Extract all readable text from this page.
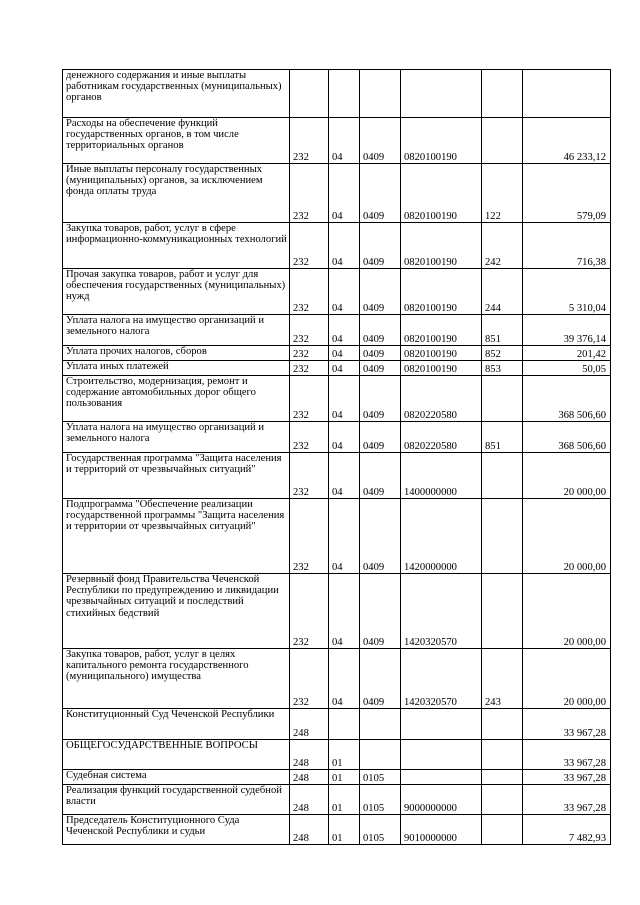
денежного содержания и иные выплаты работникам государственных (муниципальных) органов						
Расходы на обеспечение функций государственных органов, в том числе территориальных органов	232	04	0409	0820100190		46 233,12
Иные выплаты персоналу государственных (муниципальных) органов, за исключением фонда оплаты труда	232	04	0409	0820100190	122	579,09
Закупка товаров, работ, услуг в сфере информационно-коммуникационных технологий	232	04	0409	0820100190	242	716,38
Прочая закупка товаров, работ и услуг для обеспечения государственных (муниципальных) нужд	232	04	0409	0820100190	244	5 310,04
Уплата налога на имущество организаций и земельного налога	232	04	0409	0820100190	851	39 376,14
Уплата прочих налогов, сборов	232	04	0409	0820100190	852	201,42
Уплата иных платежей	232	04	0409	0820100190	853	50,05
Строительство, модернизация, ремонт и содержание автомобильных дорог общего пользования	232	04	0409	0820220580		368 506,60
Уплата налога на имущество организаций и земельного налога	232	04	0409	0820220580	851	368 506,60
Государственная программа "Защита населения и территорий от чрезвычайных ситуаций"	232	04	0409	1400000000		20 000,00
Подпрограмма "Обеспечение реализации государственной программы "Защита населения и территории от чрезвычайных ситуаций"	232	04	0409	1420000000		20 000,00
Резервный фонд Правительства Чеченской Республики по предупреждению и ликвидации чрезвычайных ситуаций и последствий стихийных бедствий	232	04	0409	1420320570		20 000,00
Закупка товаров, работ, услуг в целях капитального ремонта государственного (муниципального) имущества	232	04	0409	1420320570	243	20 000,00
Конституционный Суд Чеченской Республики	248					33 967,28
ОБЩЕГОСУДАРСТВЕННЫЕ ВОПРОСЫ	248	01				33 967,28
Судебная система	248	01	0105			33 967,28
Реализация функций государственной судебной власти	248	01	0105	9000000000		33 967,28
Председатель Конституционного Суда Чеченской Республики и судьи	248	01	0105	9010000000		7 482,93
